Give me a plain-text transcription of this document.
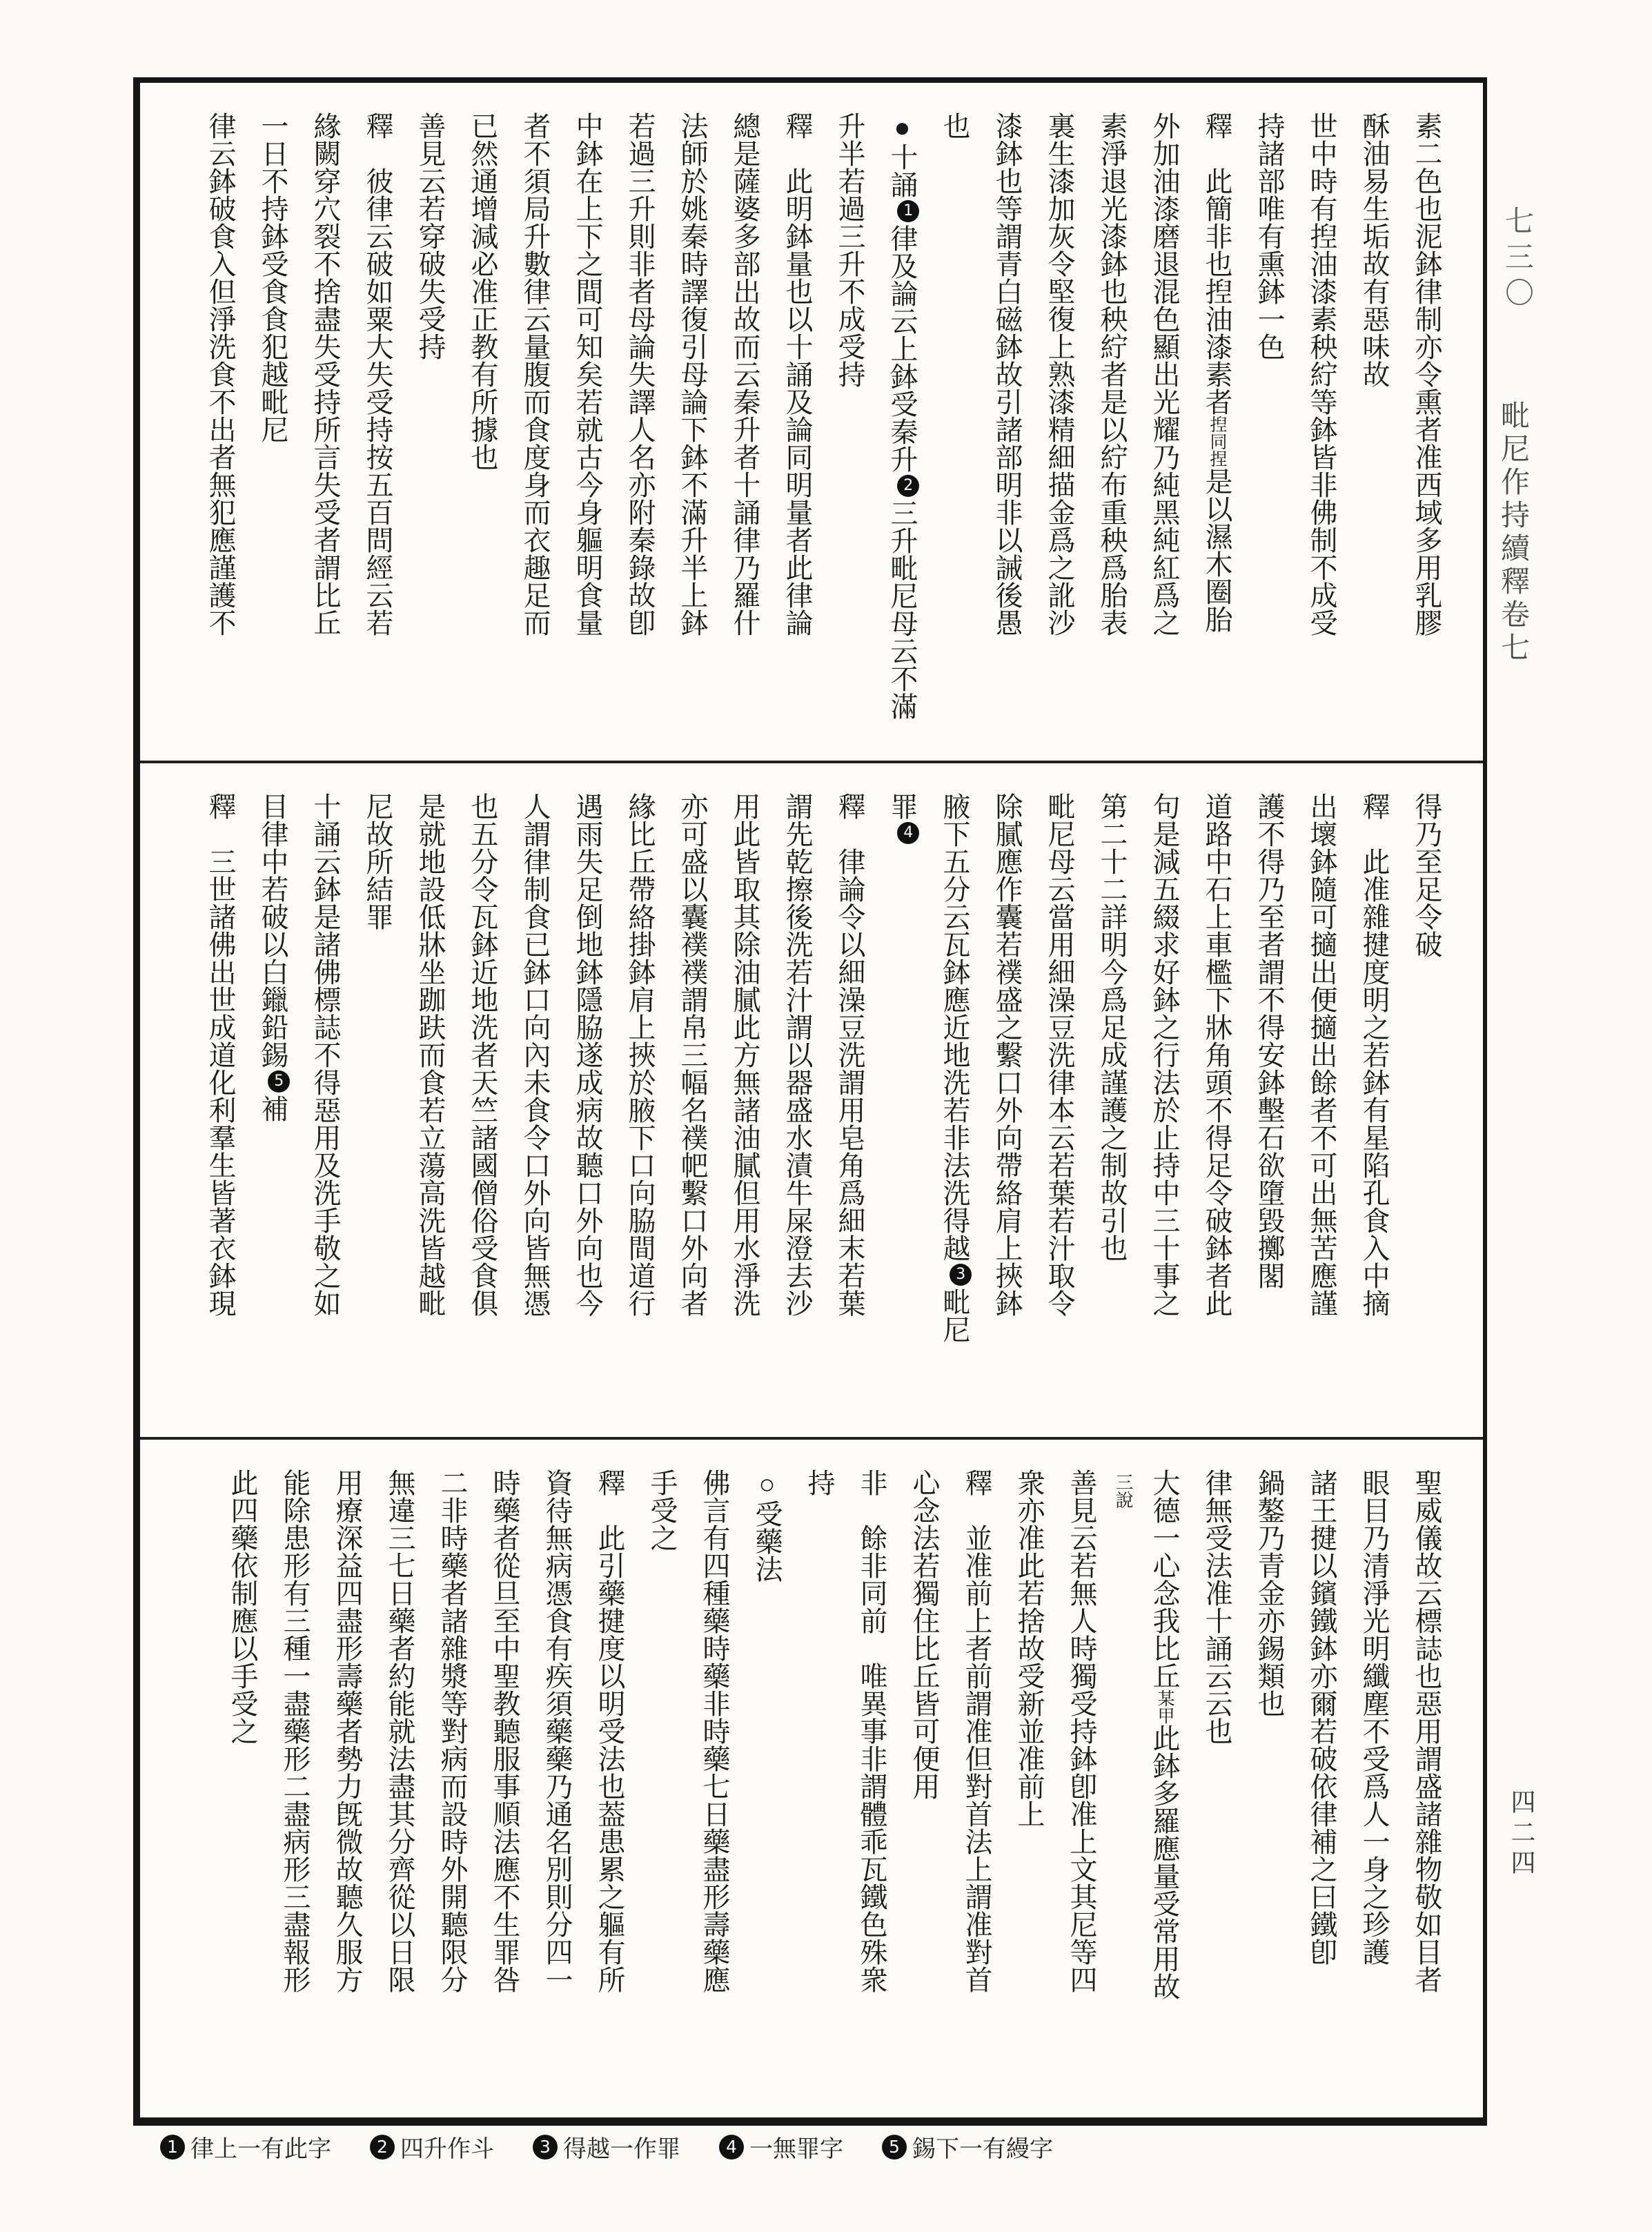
素二色也泥鉢律制亦令熏者准西域多用乳膠

酥油易生垢故有惡味故

世中時有揑油漆素秧紵等鉢皆非佛制不成受

持諸部唯有熏鉢一色

釋　此簡非也揑油漆素者揑同捏是以濕木圈胎

外加油漆磨退混色顯出光耀乃純黑純紅爲之

素淨退光漆鉢也秧紵者是以紵布重秧爲胎表

裏生漆加灰令堅復上熟漆精細描金爲之訛沙

漆鉢也等謂青白磁鉢故引諸部明非以誡後愚

也

●十誦1律及論云上鉢受秦升2三升毗尼母云不滿

升半若過三升不成受持

釋　此明鉢量也以十誦及論同明量者此律論

總是薩婆多部出故而云秦升者十誦律乃羅什

法師於姚秦時譯復引母論下鉢不滿升半上鉢

若過三升則非者母論失譯人名亦附秦錄故卽

中鉢在上下之間可知矣若就古今身軀明食量

者不須局升數律云量腹而食度身而衣趣足而

已然通增減必准正教有所據也

善見云若穿破失受持

釋　彼律云破如粟大失受持按五百問經云若

緣闕穿穴裂不捨盡失受持所言失受者謂比丘

一日不持鉢受食食犯越毗尼

律云鉢破食入但淨洗食不出者無犯應謹護不

得乃至足令破

釋　此准雜揵度明之若鉢有星陷孔食入中摘

出壞鉢隨可擿出便擿出餘者不可出無苦應謹

護不得乃至者謂不得安鉢墼石欲墮毀擲閣

道路中石上車檻下牀角頭不得足令破鉢者此

句是減五綴求好鉢之行法於止持中三十事之

第二十二詳明今爲足成謹護之制故引也

毗尼母云當用細澡豆洗律本云若葉若汁取令

除膩應作囊若襆盛之繫口外向帶絡肩上挾鉢

腋下五分云瓦鉢應近地洗若非法洗得越3毗尼

罪4

釋　律論令以細澡豆洗謂用皂角爲細末若葉

謂先乾擦後洗若汁謂以器盛水漬牛屎澄去沙

用此皆取其除油膩此方無諸油膩但用水淨洗

亦可盛以囊襆襆謂帛三幅名襆帊繫口外向者

緣比丘帶絡掛鉢肩上挾於腋下口向脇間道行

遇雨失足倒地鉢隱脇遂成病故聽口外向也今

人謂律制食已鉢口向內未食令口外向皆無憑

也五分令瓦鉢近地洗者天竺諸國僧俗受食俱

是就地設低牀坐跏趺而食若立蕩高洗皆越毗

尼故所結罪

十誦云鉢是諸佛標誌不得惡用及洗手敬之如

目律中若破以白鑞鉛錫5補

釋　三世諸佛出世成道化利羣生皆著衣鉢現

聖威儀故云標誌也惡用謂盛諸雜物敬如目者

眼目乃清淨光明纖塵不受爲人一身之珍護

諸王揵以鑌鐵鉢亦爾若破依律補之曰鐵卽

鍋鏊乃青金亦錫類也

律無受法准十誦云云也

大德一心念我比丘某甲此鉢多羅應量受常用故

三說

善見云若無人時獨受持鉢卽准上文其尼等四

衆亦准此若捨故受新並准前上

釋　並准前上者前謂准但對首法上謂准對首

心念法若獨住比丘皆可便用

非　餘非同前　唯異事非謂體乖瓦鐵色殊衆

持

○受藥法

佛言有四種藥時藥非時藥七日藥盡形壽藥應

手受之

釋　此引藥揵度以明受法也葢患累之軀有所

資待無病憑食有疾須藥藥乃通名別則分四一

時藥者從旦至中聖教聽服事順法應不生罪咎

二非時藥者諸雜漿等對病而設時外開聽限分

無違三七日藥者約能就法盡其分齊從以日限

用療深益四盡形壽藥者勢力旣微故聽久服方

能除患形有三種一盡藥形二盡病形三盡報形

此四藥依制應以手受之

七三〇
毗尼作持續釋卷七
四二四
1 律上一有此字	2 四升作斗	3 得越一作罪	4 一無罪字	5 錫下一有縵字
